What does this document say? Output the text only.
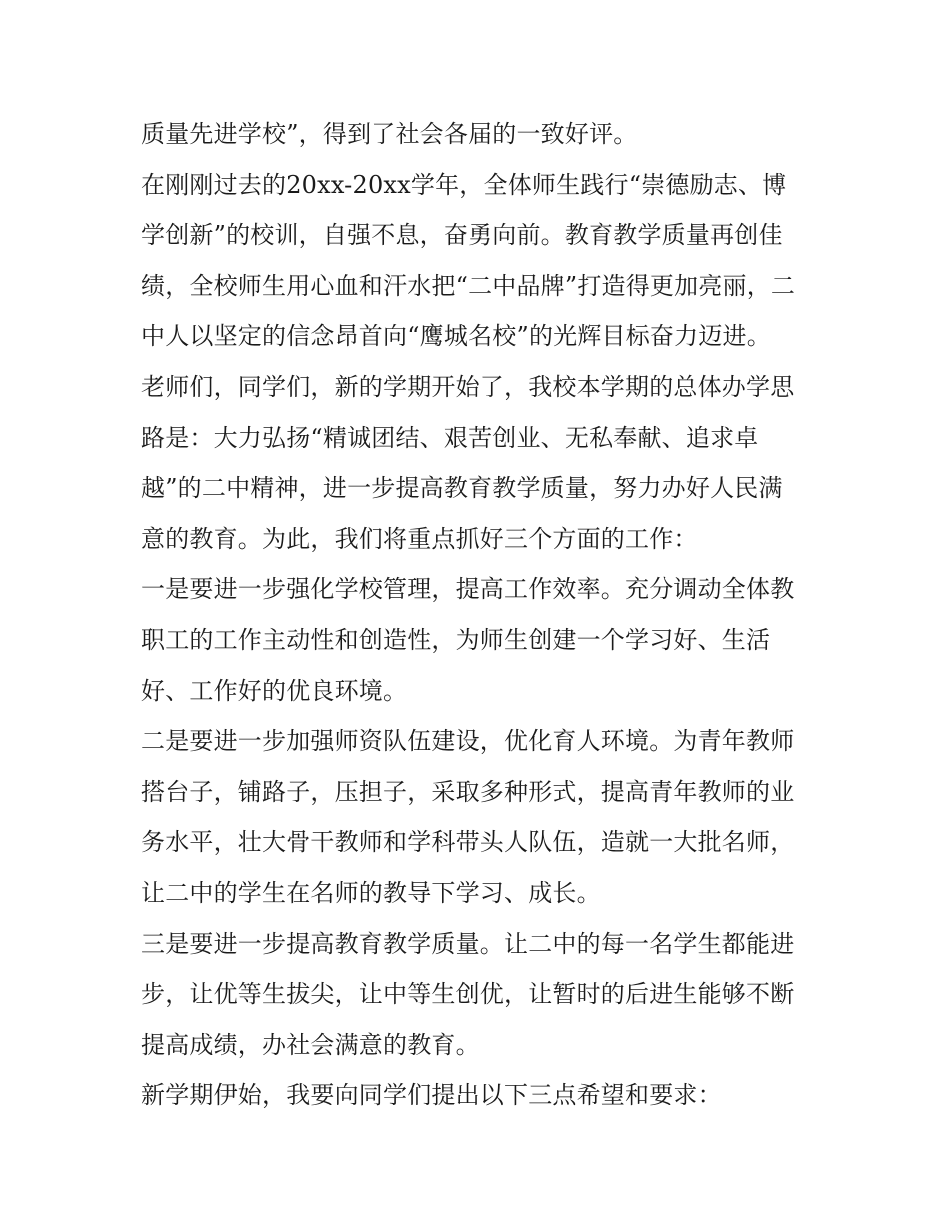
质量先进学校”，得到了社会各届的一致好评。
在刚刚过去的20xx-20xx学年，全体师生践行“崇德励志、博
学创新”的校训，自强不息，奋勇向前。教育教学质量再创佳
绩，全校师生用心血和汗水把“二中品牌”打造得更加亮丽，二
中人以坚定的信念昂首向“鹰城名校”的光辉目标奋力迈进。
老师们，同学们，新的学期开始了，我校本学期的总体办学思
路是：大力弘扬“精诚团结、艰苦创业、无私奉献、追求卓
越”的二中精神，进一步提高教育教学质量，努力办好人民满
意的教育。为此，我们将重点抓好三个方面的工作：
一是要进一步强化学校管理，提高工作效率。充分调动全体教
职工的工作主动性和创造性，为师生创建一个学习好、生活
好、工作好的优良环境。
二是要进一步加强师资队伍建设，优化育人环境。为青年教师
搭台子，铺路子，压担子，采取多种形式，提高青年教师的业
务水平，壮大骨干教师和学科带头人队伍，造就一大批名师，
让二中的学生在名师的教导下学习、成长。
三是要进一步提高教育教学质量。让二中的每一名学生都能进
步，让优等生拔尖，让中等生创优，让暂时的后进生能够不断
提高成绩，办社会满意的教育。
新学期伊始，我要向同学们提出以下三点希望和要求：
